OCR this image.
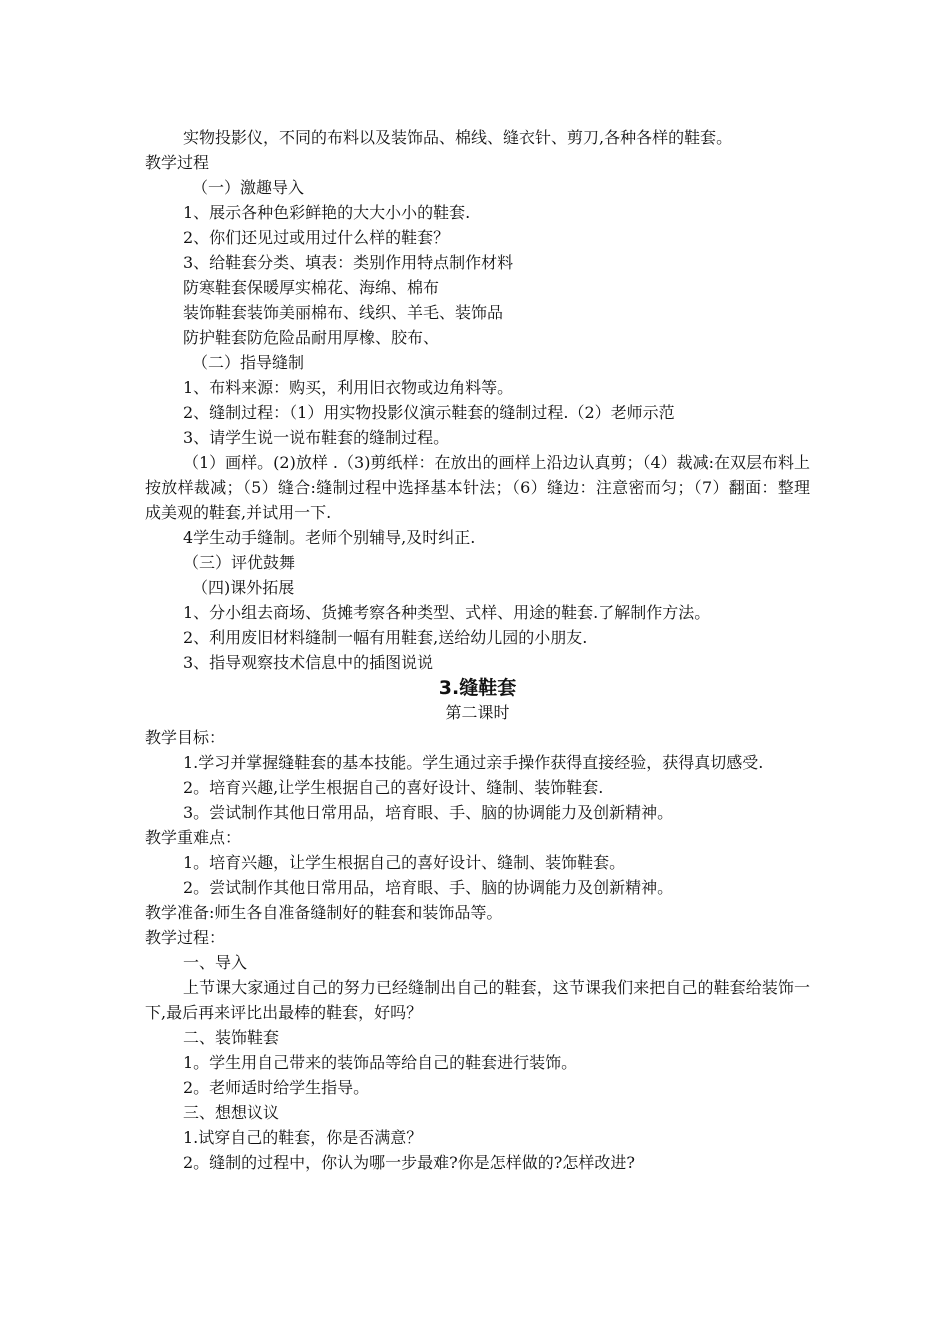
实物投影仪，不同的布料以及装饰品、棉线、缝衣针、剪刀,各种各样的鞋套。
教学过程
（一）激趣导入
1、展示各种色彩鲜艳的大大小小的鞋套.
2、你们还见过或用过什么样的鞋套？
3、给鞋套分类、填表：类别作用特点制作材料
防寒鞋套保暖厚实棉花、海绵、棉布
装饰鞋套装饰美丽棉布、线织、羊毛、装饰品
防护鞋套防危险品耐用厚橡、胶布、
（二）指导缝制
1、布料来源：购买，利用旧衣物或边角料等。
2、缝制过程：（1）用实物投影仪演示鞋套的缝制过程.（2）老师示范
3、请学生说一说布鞋套的缝制过程。
（1）画样。(2)放样 .（3)剪纸样：在放出的画样上沿边认真剪；（4）裁减:在双层布料上按放样裁减；（5）缝合:缝制过程中选择基本针法；（6）缝边：注意密而匀；（7）翻面：整理成美观的鞋套,并试用一下.
4学生动手缝制。老师个别辅导,及时纠正.
（三）评优鼓舞
（四)课外拓展
1、分小组去商场、货摊考察各种类型、式样、用途的鞋套.了解制作方法。
2、利用废旧材料缝制一幅有用鞋套,送给幼儿园的小朋友.
3、指导观察技术信息中的插图说说
3.缝鞋套
第二课时
教学目标：
1.学习并掌握缝鞋套的基本技能。学生通过亲手操作获得直接经验，获得真切感受.
2。培育兴趣,让学生根据自己的喜好设计、缝制、装饰鞋套.
3。尝试制作其他日常用品，培育眼、手、脑的协调能力及创新精神。
教学重难点：
1。培育兴趣，让学生根据自己的喜好设计、缝制、装饰鞋套。
2。尝试制作其他日常用品，培育眼、手、脑的协调能力及创新精神。
教学准备:师生各自准备缝制好的鞋套和装饰品等。
教学过程：
一、导入
上节课大家通过自己的努力已经缝制出自己的鞋套，这节课我们来把自己的鞋套给装饰一下,最后再来评比出最棒的鞋套，好吗？
二、装饰鞋套
1。学生用自己带来的装饰品等给自己的鞋套进行装饰。
2。老师适时给学生指导。
三、想想议议
1.试穿自己的鞋套，你是否满意？
2。缝制的过程中，你认为哪一步最难?你是怎样做的?怎样改进?
